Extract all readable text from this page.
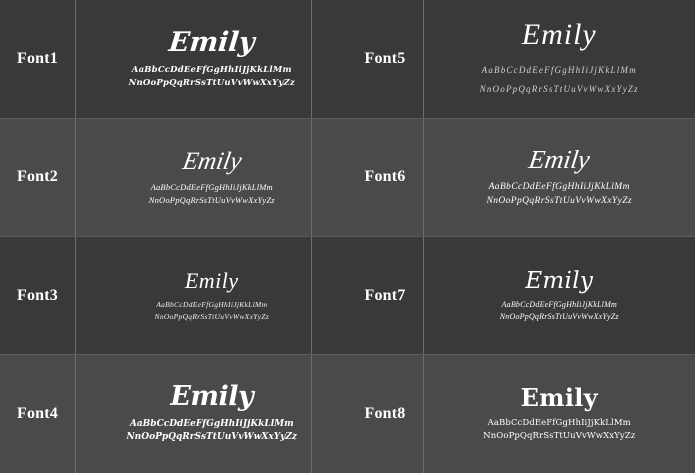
Font1
Emily
AaBbCcDdEeFfGgHhIiJjKkLlMm
NnOoPpQqRrSsTtUuVvWwXxYyZz
Font5
Emily
AaBbCcDdEeFfGgHhIiJjKkLlMm
NnOoPpQqRrSsTtUuVvWwXxYyZz
Font2
Emily
AaBbCcDdEeFfGgHhIiJjKkLlMm
NnOoPpQqRrSsTtUuVvWwXxYyZz
Font6
Emily
AaBbCcDdEeFfGgHhIiJjKkLlMm
NnOoPpQqRrSsTtUuVvWwXxYyZz
Font3
Emily
AaBbCcDdEeFfGgHhIiJjKkLlMm
NnOoPpQqRrSsTtUuVvWwXxYyZz
Font7
Emily
AaBbCcDdEeFfGgHhIiJjKkLlMm
NnOoPpQqRrSsTtUuVvWwXxYyZz
Font4
Emily
AaBbCcDdEeFfGgHhIiJjKkLlMm
NnOoPpQqRrSsTtUuVvWwXxYyZz
Font8
Emily
AaBbCcDdEeFfGgHhIiJjKkLlMm
NnOoPpQqRrSsTtUuVvWwXxYyZz
